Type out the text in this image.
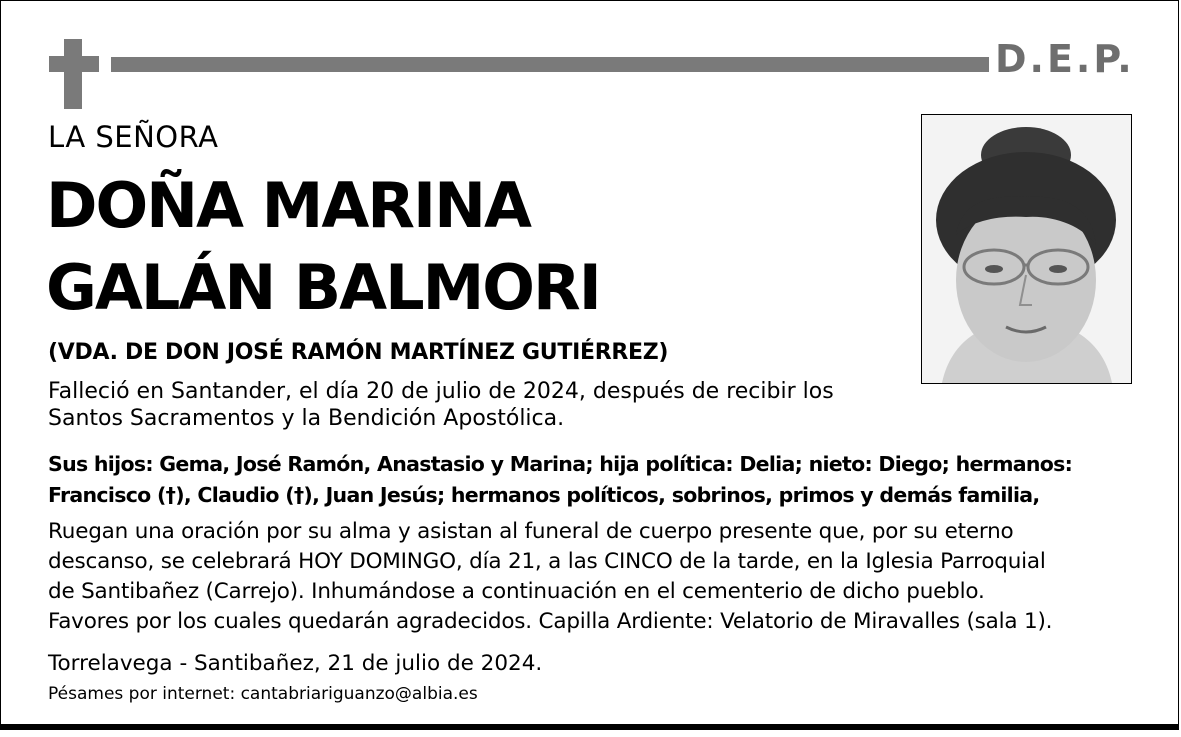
D.E.P.
LA SEÑORA
DOÑA MARINA
GALÁN BALMORI
(VDA. DE DON JOSÉ RAMÓN MARTÍNEZ GUTIÉRREZ)
Falleció en Santander, el día 20 de julio de 2024, después de recibir los
Santos Sacramentos y la Bendición Apostólica.
Sus hijos: Gema, José Ramón, Anastasio y Marina; hija política: Delia; nieto: Diego; hermanos:
Francisco (†), Claudio (†), Juan Jesús; hermanos políticos, sobrinos, primos y demás familia,
Ruegan una oración por su alma y asistan al funeral de cuerpo presente que, por su eterno
descanso, se celebrará HOY DOMINGO, día 21, a las CINCO de la tarde, en la Iglesia Parroquial
de Santibañez (Carrejo). Inhumándose a continuación en el cementerio de dicho pueblo.
Favores por los cuales quedarán agradecidos. Capilla Ardiente: Velatorio de Miravalles (sala 1).
Torrelavega - Santibañez, 21 de julio de 2024.
Pésames por internet: cantabriariguanzo@albia.es
